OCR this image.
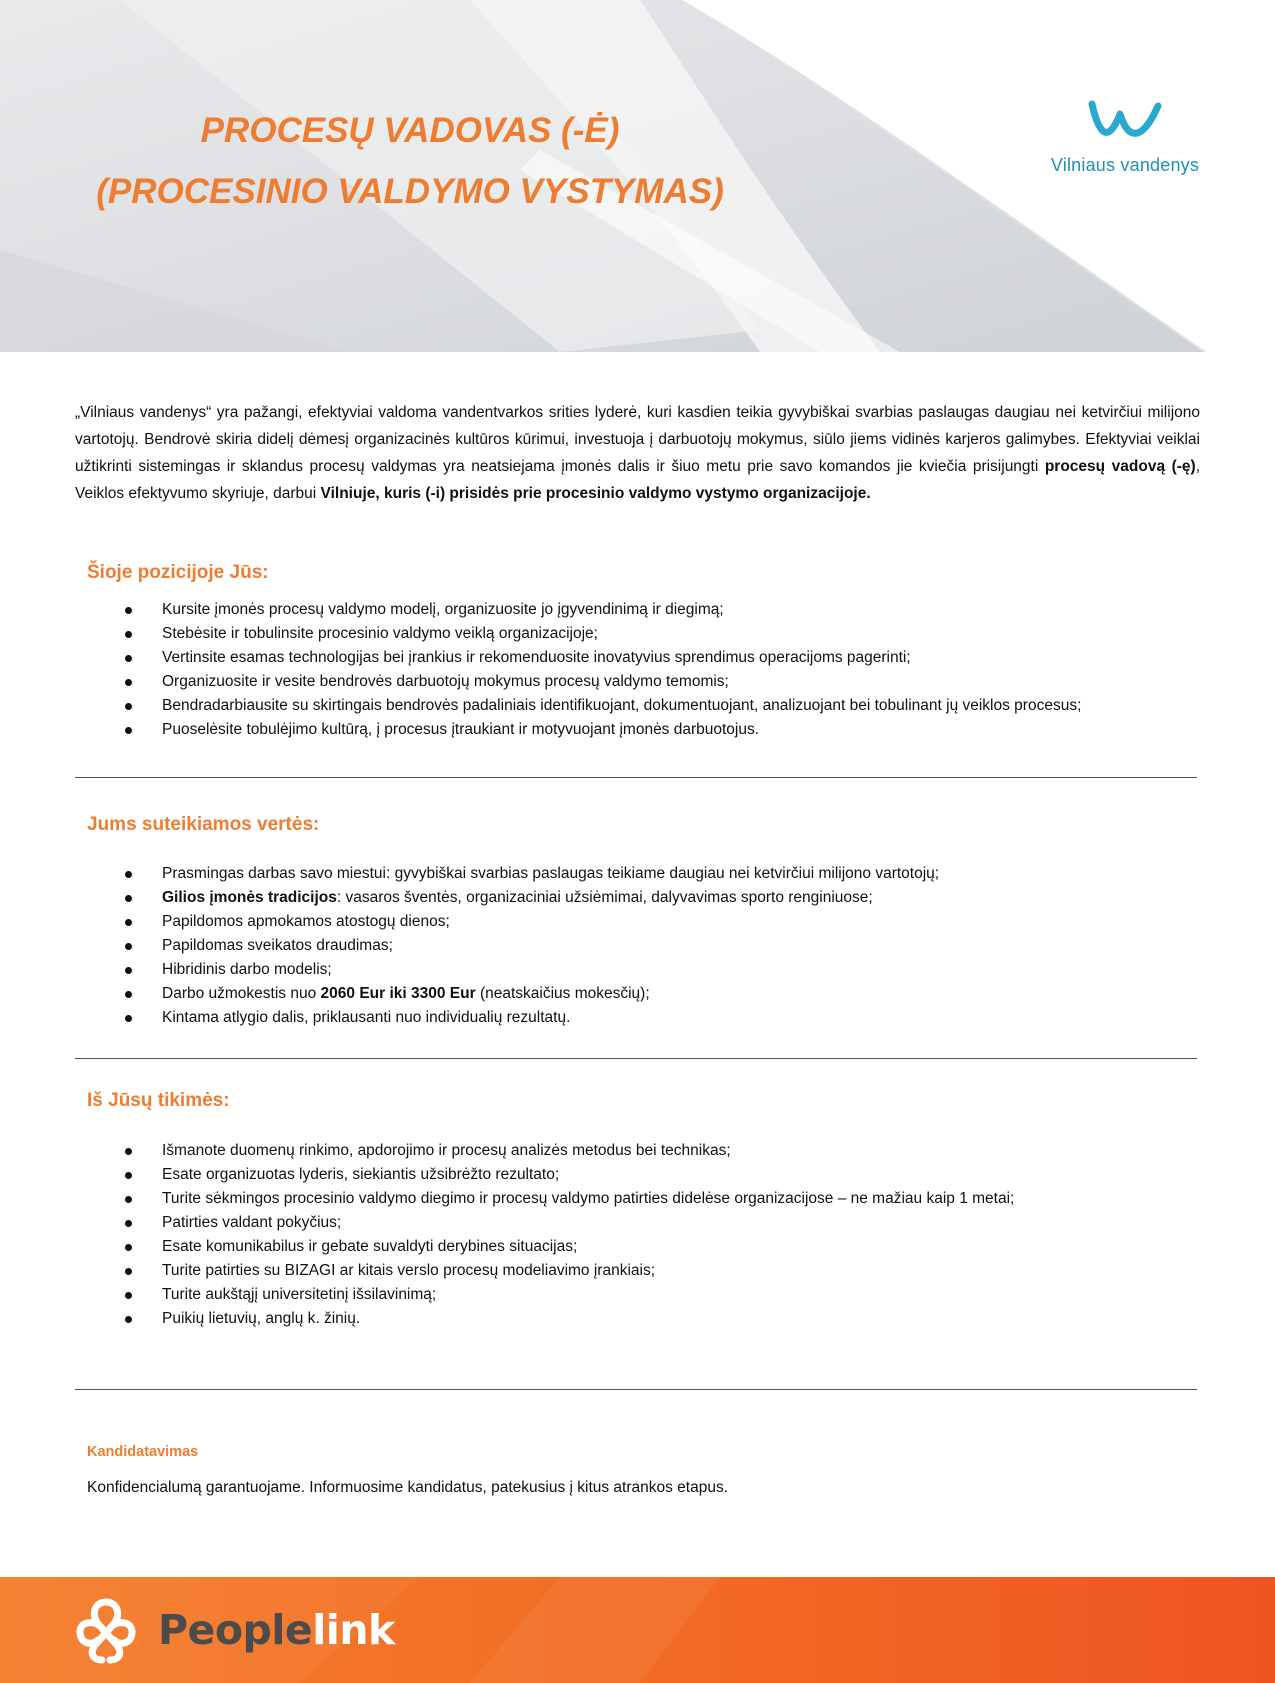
PROCESŲ VADOVAS (-Ė)
(PROCESINIO VALDYMO VYSTYMAS)
Vilniaus vandenys

„Vilniaus vandenys“ yra pažangi, efektyviai valdoma vandentvarkos srities lyderė, kuri kasdien teikia gyvybiškai svarbias paslaugas daugiau nei ketvirčiui milijono vartotojų. Bendrovė skiria didelį dėmesį organizacinės kultūros kūrimui, investuoja į darbuotojų mokymus, siūlo jiems vidinės karjeros galimybes. Efektyviai veiklai užtikrinti sistemingas ir sklandus procesų valdymas yra neatsiejama įmonės dalis ir šiuo metu prie savo komandos jie kviečia prisijungti procesų vadovą (-ę), Veiklos efektyvumo skyriuje, darbui Vilniuje, kuris (-i) prisidės prie procesinio valdymo vystymo organizacijoje.

Šioje pozicijoje Jūs:
Kursite įmonės procesų valdymo modelį, organizuosite jo įgyvendinimą ir diegimą;
Stebėsite ir tobulinsite procesinio valdymo veiklą organizacijoje;
Vertinsite esamas technologijas bei įrankius ir rekomenduosite inovatyvius sprendimus operacijoms pagerinti;
Organizuosite ir vesite bendrovės darbuotojų mokymus procesų valdymo temomis;
Bendradarbiausite su skirtingais bendrovės padaliniais identifikuojant, dokumentuojant, analizuojant bei tobulinant jų veiklos procesus;
Puoselėsite tobulėjimo kultūrą, į procesus įtraukiant ir motyvuojant įmonės darbuotojus.
Jums suteikiamos vertės:
Prasmingas darbas savo miestui: gyvybiškai svarbias paslaugas teikiame daugiau nei ketvirčiui milijono vartotojų;
Gilios įmonės tradicijos: vasaros šventės, organizaciniai užsiėmimai, dalyvavimas sporto renginiuose;
Papildomos apmokamos atostogų dienos;
Papildomas sveikatos draudimas;
Hibridinis darbo modelis;
Darbo užmokestis nuo 2060 Eur iki 3300 Eur (neatskaičius mokesčių);
Kintama atlygio dalis, priklausanti nuo individualių rezultatų.
Iš Jūsų tikimės:
Išmanote duomenų rinkimo, apdorojimo ir procesų analizės metodus bei technikas;
Esate organizuotas lyderis, siekiantis užsibrėžto rezultato;
Turite sėkmingos procesinio valdymo diegimo ir procesų valdymo patirties didelėse organizacijose – ne mažiau kaip 1 metai;
Patirties valdant pokyčius;
Esate komunikabilus ir gebate suvaldyti derybines situacijas;
Turite patirties su BIZAGI ar kitais verslo procesų modeliavimo įrankiais;
Turite aukštąjį universitetinį išsilavinimą;
Puikių lietuvių, anglų k. žinių.

Kandidatavimas

Konfidencialumą garantuojame. Informuosime kandidatus, patekusius į kitus atrankos etapus.

Peoplelink
